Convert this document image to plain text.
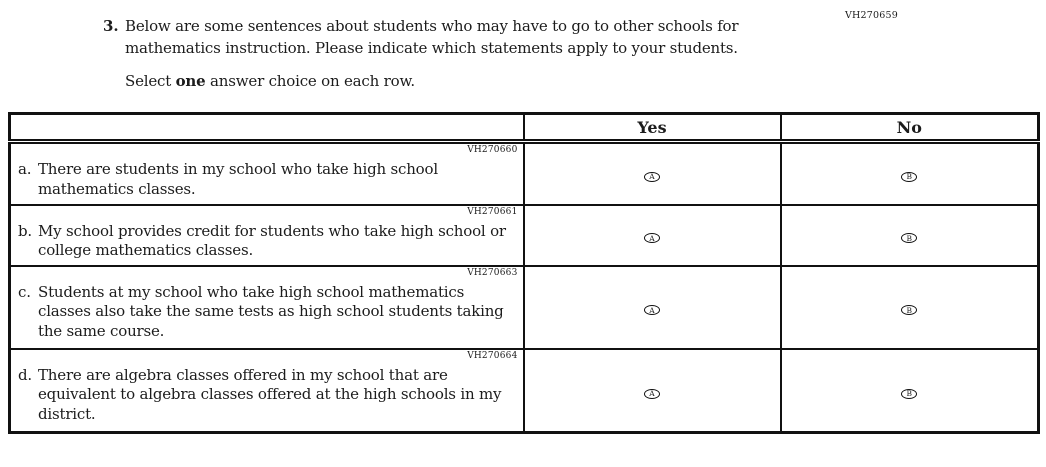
VH270659
3. Below are some sentences about students who may have to go to other schools for mathematics instruction. Please indicate which statements apply to your students.
Select one answer choice on each row.
	Yes	No

VH270660
a. There are students in my school who take high school mathematics classes.	A	B

VH270661
b. My school provides credit for students who take high school or college mathematics classes.	A	B

VH270663
c. Students at my school who take high school mathematics classes also take the same tests as high school students taking the same course.	A	B

VH270664
d. There are algebra classes offered in my school that are equivalent to algebra classes offered at the high schools in my district.	A	B
